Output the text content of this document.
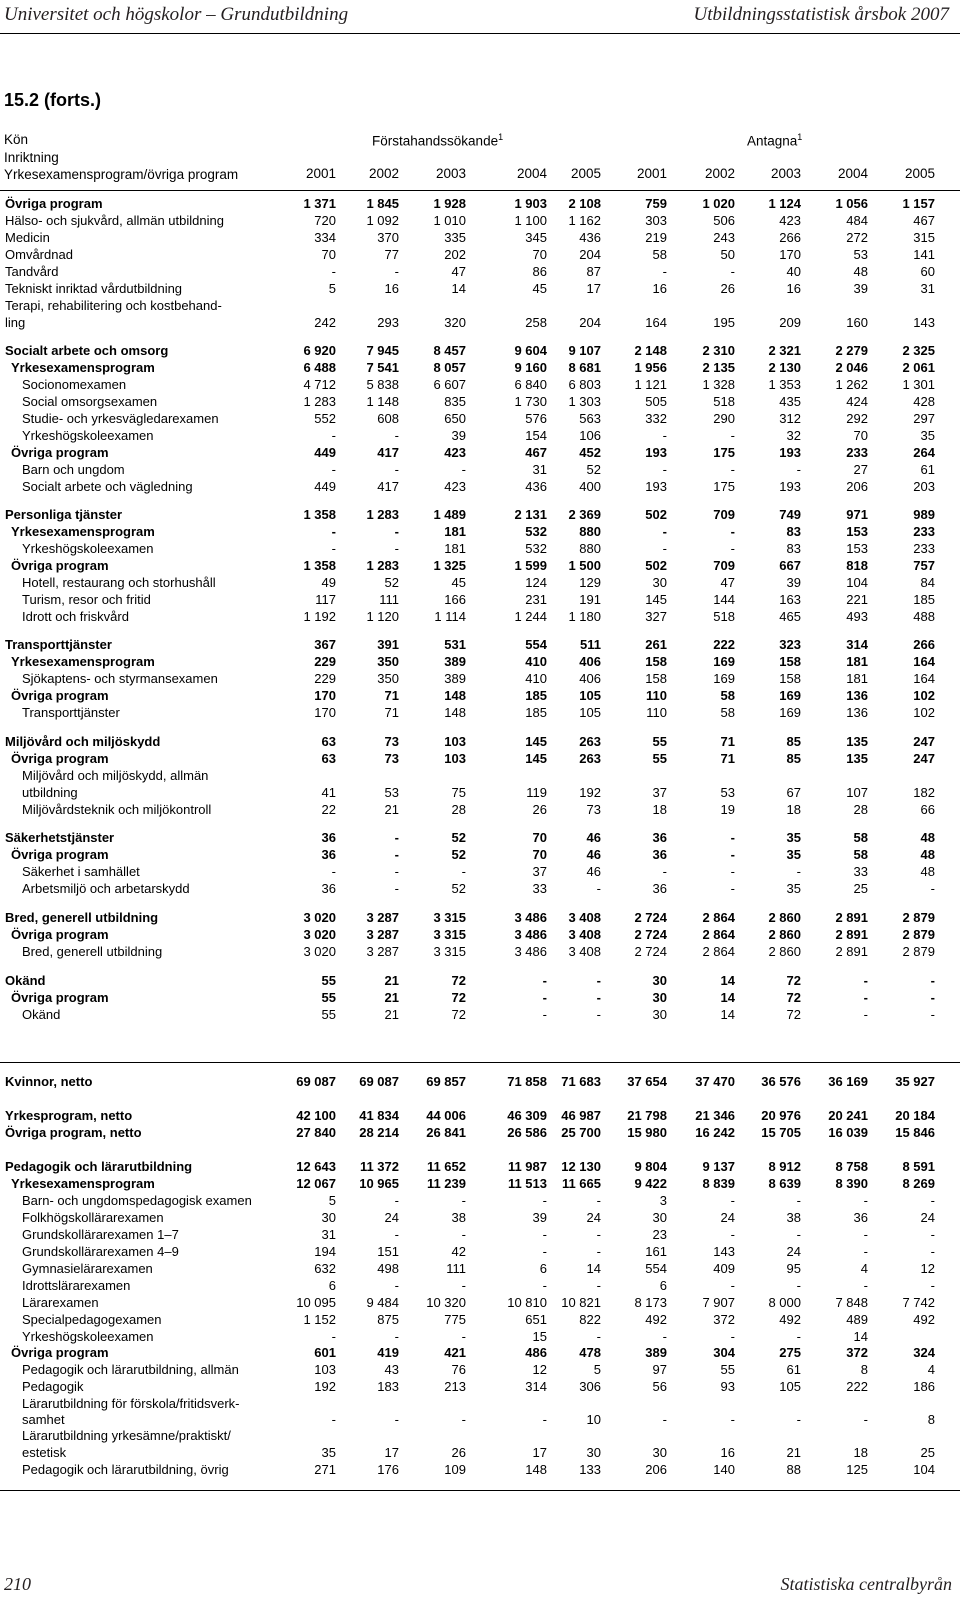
Universitet och högskolor – Grundutbildning	Utbildningsstatistisk årsbok 2007
15.2 (forts.)
Kön
Inriktning
Yrkesexamensprogram/övriga program
Förstahandssökande$^1$	Antagna$^1$
2001	2002	2003	2004	2005	2001	2002	2003	2004	2005
Övriga program	1 371	1 845	1 928	1 903	2 108	759	1 020	1 124	1 056	1 157
Hälso- och sjukvård, allmän utbildning	720	1 092	1 010	1 100	1 162	303	506	423	484	467
Medicin	334	370	335	345	436	219	243	266	272	315
Omvårdnad	70	77	202	70	204	58	50	170	53	141
Tandvård	-	-	47	86	87	-	-	40	48	60
Tekniskt inriktad vårdutbildning	5	16	14	45	17	16	26	16	39	31
Terapi, rehabilitering och kostbehand-
ling	242	293	320	258	204	164	195	209	160	143
Socialt arbete och omsorg	6 920	7 945	8 457	9 604	9 107	2 148	2 310	2 321	2 279	2 325
Yrkesexamensprogram	6 488	7 541	8 057	9 160	8 681	1 956	2 135	2 130	2 046	2 061
Socionomexamen	4 712	5 838	6 607	6 840	6 803	1 121	1 328	1 353	1 262	1 301
Social omsorgsexamen	1 283	1 148	835	1 730	1 303	505	518	435	424	428
Studie- och yrkesvägledarexamen	552	608	650	576	563	332	290	312	292	297
Yrkeshögskoleexamen	-	-	39	154	106	-	-	32	70	35
Övriga program	449	417	423	467	452	193	175	193	233	264
Barn och ungdom	-	-	-	31	52	-	-	-	27	61
Socialt arbete och vägledning	449	417	423	436	400	193	175	193	206	203
Personliga tjänster	1 358	1 283	1 489	2 131	2 369	502	709	749	971	989
Yrkesexamensprogram	-	-	181	532	880	-	-	83	153	233
Yrkeshögskoleexamen	-	-	181	532	880	-	-	83	153	233
Övriga program	1 358	1 283	1 325	1 599	1 500	502	709	667	818	757
Hotell, restaurang och storhushåll	49	52	45	124	129	30	47	39	104	84
Turism, resor och fritid	117	111	166	231	191	145	144	163	221	185
Idrott och friskvård	1 192	1 120	1 114	1 244	1 180	327	518	465	493	488
Transporttjänster	367	391	531	554	511	261	222	323	314	266
Yrkesexamensprogram	229	350	389	410	406	158	169	158	181	164
Sjökaptens- och styrmansexamen	229	350	389	410	406	158	169	158	181	164
Övriga program	170	71	148	185	105	110	58	169	136	102
Transporttjänster	170	71	148	185	105	110	58	169	136	102
Miljövård och miljöskydd	63	73	103	145	263	55	71	85	135	247
Övriga program	63	73	103	145	263	55	71	85	135	247
Miljövård och miljöskydd, allmän
utbildning	41	53	75	119	192	37	53	67	107	182
Miljövårdsteknik och miljökontroll	22	21	28	26	73	18	19	18	28	66
Säkerhetstjänster	36	-	52	70	46	36	-	35	58	48
Övriga program	36	-	52	70	46	36	-	35	58	48
Säkerhet i samhället	-	-	-	37	46	-	-	-	33	48
Arbetsmiljö och arbetarskydd	36	-	52	33	-	36	-	35	25	-
Bred, generell utbildning	3 020	3 287	3 315	3 486	3 408	2 724	2 864	2 860	2 891	2 879
Övriga program	3 020	3 287	3 315	3 486	3 408	2 724	2 864	2 860	2 891	2 879
Bred, generell utbildning	3 020	3 287	3 315	3 486	3 408	2 724	2 864	2 860	2 891	2 879
Okänd	55	21	72	-	-	30	14	72	-	-
Övriga program	55	21	72	-	-	30	14	72	-	-
Okänd	55	21	72	-	-	30	14	72	-	-
Kvinnor, netto	69 087	69 087	69 857	71 858	71 683	37 654	37 470	36 576	36 169	35 927
Yrkesprogram, netto	42 100	41 834	44 006	46 309	46 987	21 798	21 346	20 976	20 241	20 184
Övriga program, netto	27 840	28 214	26 841	26 586	25 700	15 980	16 242	15 705	16 039	15 846
Pedagogik och lärarutbildning	12 643	11 372	11 652	11 987	12 130	9 804	9 137	8 912	8 758	8 591
Yrkesexamensprogram	12 067	10 965	11 239	11 513	11 665	9 422	8 839	8 639	8 390	8 269
Barn- och ungdomspedagogisk examen	5	-	-	-	-	3	-	-	-	-
Folkhögskollärarexamen	30	24	38	39	24	30	24	38	36	24
Grundskollärarexamen 1–7	31	-	-	-	-	23	-	-	-	-
Grundskollärarexamen 4–9	194	151	42	-	-	161	143	24	-	-
Gymnasielärarexamen	632	498	111	6	14	554	409	95	4	12
Idrottslärarexamen	6	-	-	-	-	6	-	-	-	-
Lärarexamen	10 095	9 484	10 320	10 810	10 821	8 173	7 907	8 000	7 848	7 742
Specialpedagogexamen	1 152	875	775	651	822	492	372	492	489	492
Yrkeshögskoleexamen	-	-	-	15	-	-	-	-	14
Övriga program	601	419	421	486	478	389	304	275	372	324
Pedagogik och lärarutbildning, allmän	103	43	76	12	5	97	55	61	8	4
Pedagogik	192	183	213	314	306	56	93	105	222	186
Lärarutbildning för förskola/fritidsverk-
samhet	-	-	-	-	10	-	-	-	-	8
Lärarutbildning yrkesämne/praktiskt/
estetisk	35	17	26	17	30	30	16	21	18	25
Pedagogik och lärarutbildning, övrig	271	176	109	148	133	206	140	88	125	104
210	Statistiska centralbyrån
